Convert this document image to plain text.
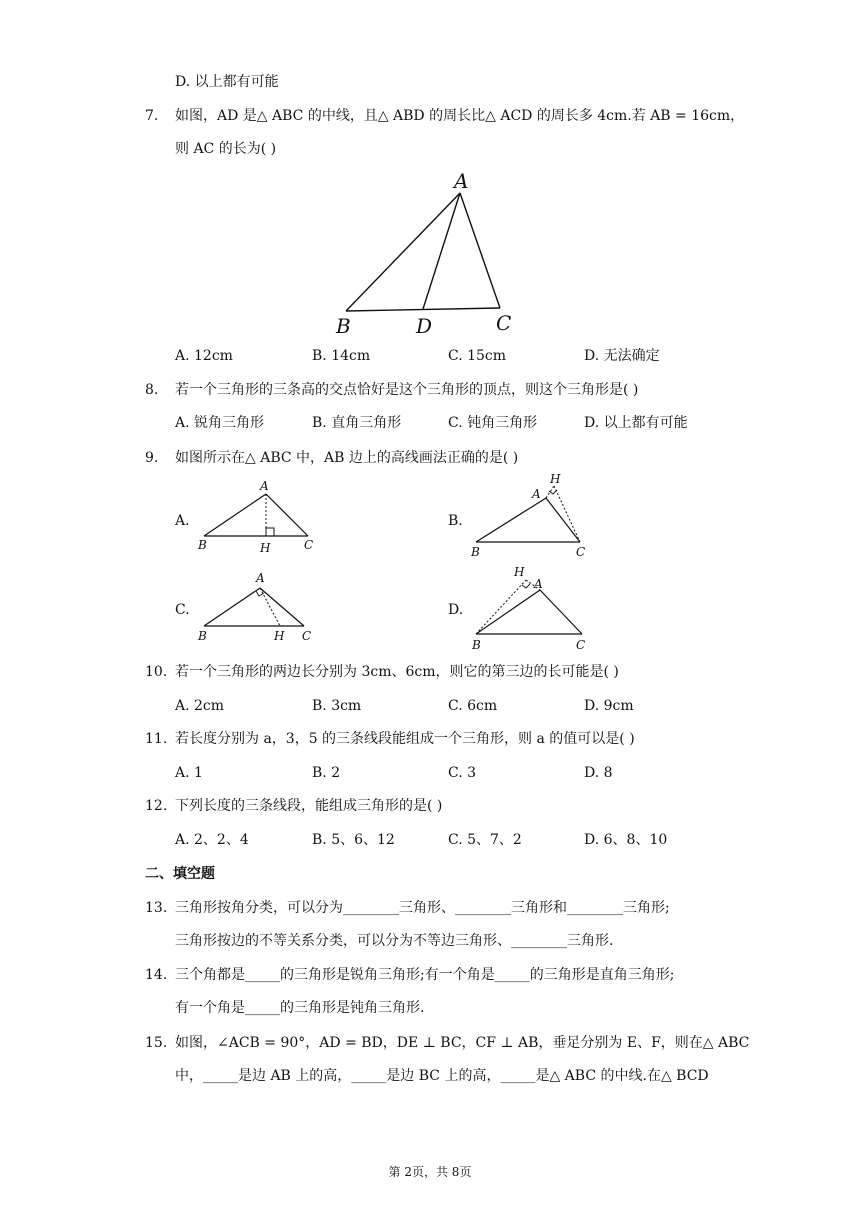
D. 以上都有可能
7. 如图，AD 是△ ABC 的中线，且△ ABD 的周长比△ ACD 的周长多 4cm.若 AB = 16cm，
则 AC 的长为( )
A
B	D	C
A. 12cm	B. 14cm	C. 15cm	D. 无法确定
8. 若一个三角形的三条高的交点恰好是这个三角形的顶点，则这个三角形是( )
A. 锐角三角形	B. 直角三角形	C. 钝角三角形	D. 以上都有可能
9. 如图所示在△ ABC 中，AB 边上的高线画法正确的是( )
A.
A
B	H	C
B.
A
H
B	C
C.
A
B	H C
D.
H
A
B	C
10. 若一个三角形的两边长分别为 3cm、6cm，则它的第三边的长可能是( )
A. 2cm	B. 3cm	C. 6cm	D. 9cm
11. 若长度分别为 a，3，5 的三条线段能组成一个三角形，则 a 的值可以是( )
A. 1	B. 2	C. 3	D. 8
12. 下列长度的三条线段，能组成三角形的是( )
A. 2、2、4	B. 5、6、12	C. 5、7、2	D. 6、8、10
二、填空题
13. 三角形按角分类，可以分为________三角形、________三角形和________三角形;
三角形按边的不等关系分类，可以分为不等边三角形、________三角形.
14. 三个角都是_____的三角形是锐角三角形;有一个角是_____的三角形是直角三角形;
有一个角是_____的三角形是钝角三角形.
15. 如图，∠ACB = 90°，AD = BD，DE ⊥ BC，CF ⊥ AB，垂足分别为 E、F，则在△ ABC
中，_____是边 AB 上的高，_____是边 BC 上的高，_____是△ ABC 的中线.在△ BCD
第 2页，共 8页
